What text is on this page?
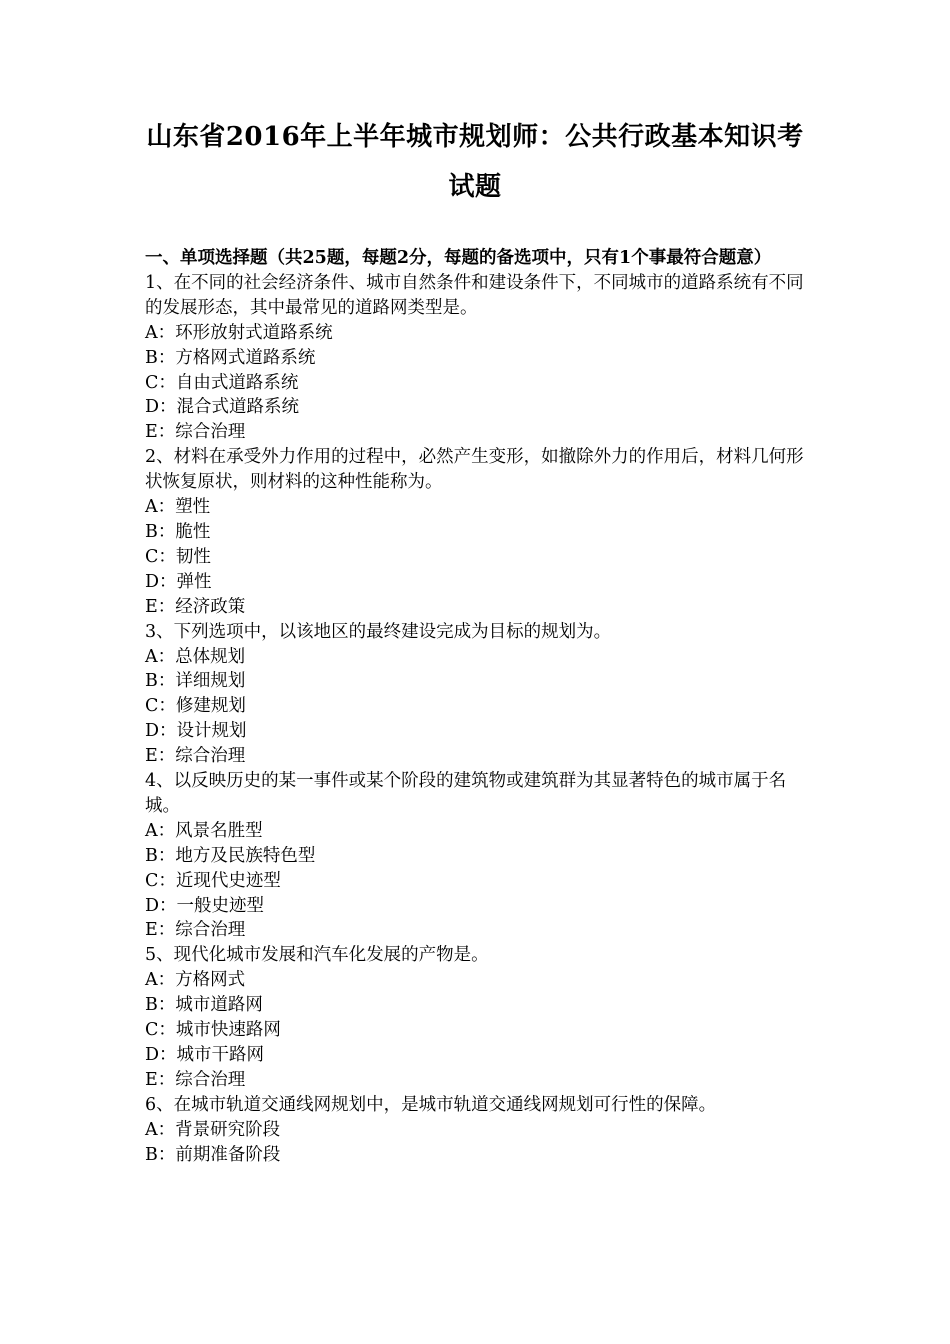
山东省2016年上半年城市规划师：公共行政基本知识考试题

一、单项选择题（共25题，每题2分，每题的备选项中，只有1个事最符合题意）

1、在不同的社会经济条件、城市自然条件和建设条件下，不同城市的道路系统有不同的发展形态，其中最常见的道路网类型是。

A：环形放射式道路系统

B：方格网式道路系统

C：自由式道路系统

D：混合式道路系统

E：综合治理

2、材料在承受外力作用的过程中，必然产生变形，如撤除外力的作用后，材料几何形状恢复原状，则材料的这种性能称为。

A：塑性

B：脆性

C：韧性

D：弹性

E：经济政策

3、下列选项中，以该地区的最终建设完成为目标的规划为。

A：总体规划

B：详细规划

C：修建规划

D：设计规划

E：综合治理

4、以反映历史的某一事件或某个阶段的建筑物或建筑群为其显著特色的城市属于名城。

A：风景名胜型

B：地方及民族特色型

C：近现代史迹型

D：一般史迹型

E：综合治理

5、现代化城市发展和汽车化发展的产物是。

A：方格网式

B：城市道路网

C：城市快速路网

D：城市干路网

E：综合治理

6、在城市轨道交通线网规划中，是城市轨道交通线网规划可行性的保障。

A：背景研究阶段

B：前期准备阶段
